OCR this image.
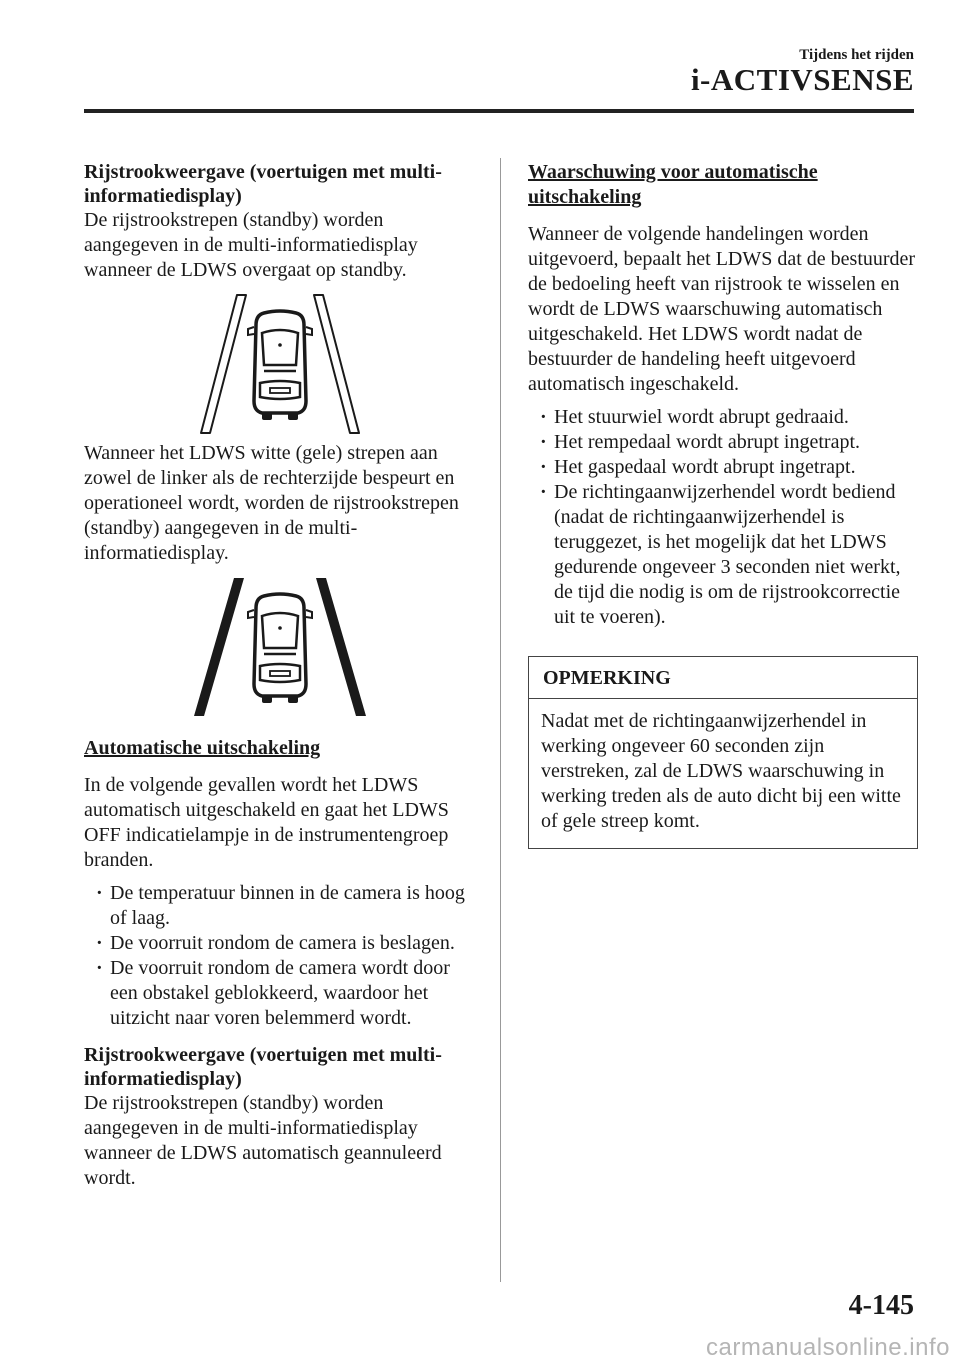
Tijdens het rijden
i-ACTIVSENSE

Rijstrookweergave (voertuigen met multi-informatiedisplay)

De rijstrookstrepen (standby) worden aangegeven in de multi-informatiedisplay wanneer de LDWS overgaat op standby.

Wanneer het LDWS witte (gele) strepen aan zowel de linker als de rechterzijde bespeurt en operationeel wordt, worden de rijstrookstrepen (standby) aangegeven in de multi-informatiedisplay.

Automatische uitschakeling

In de volgende gevallen wordt het LDWS automatisch uitgeschakeld en gaat het LDWS OFF indicatielampje in de instrumentengroep branden.

· De temperatuur binnen in de camera is hoog of laag.
· De voorruit rondom de camera is beslagen.
· De voorruit rondom de camera wordt door een obstakel geblokkeerd, waardoor het uitzicht naar voren belemmerd wordt.

Rijstrookweergave (voertuigen met multi-informatiedisplay)

De rijstrookstrepen (standby) worden aangegeven in de multi-informatiedisplay wanneer de LDWS automatisch geannuleerd wordt.

Waarschuwing voor automatische uitschakeling

Wanneer de volgende handelingen worden uitgevoerd, bepaalt het LDWS dat de bestuurder de bedoeling heeft van rijstrook te wisselen en wordt de LDWS waarschuwing automatisch uitgeschakeld. Het LDWS wordt nadat de bestuurder de handeling heeft uitgevoerd automatisch ingeschakeld.

· Het stuurwiel wordt abrupt gedraaid.
· Het rempedaal wordt abrupt ingetrapt.
· Het gaspedaal wordt abrupt ingetrapt.
· De richtingaanwijzerhendel wordt bediend (nadat de richtingaanwijzerhendel is teruggezet, is het mogelijk dat het LDWS gedurende ongeveer 3 seconden niet werkt, de tijd die nodig is om de rijstrookcorrectie uit te voeren).
OPMERKING
Nadat met de richtingaanwijzerhendel in werking ongeveer 60 seconden zijn verstreken, zal de LDWS waarschuwing in werking treden als de auto dicht bij een witte of gele streep komt.
4-145
carmanualsonline.info
